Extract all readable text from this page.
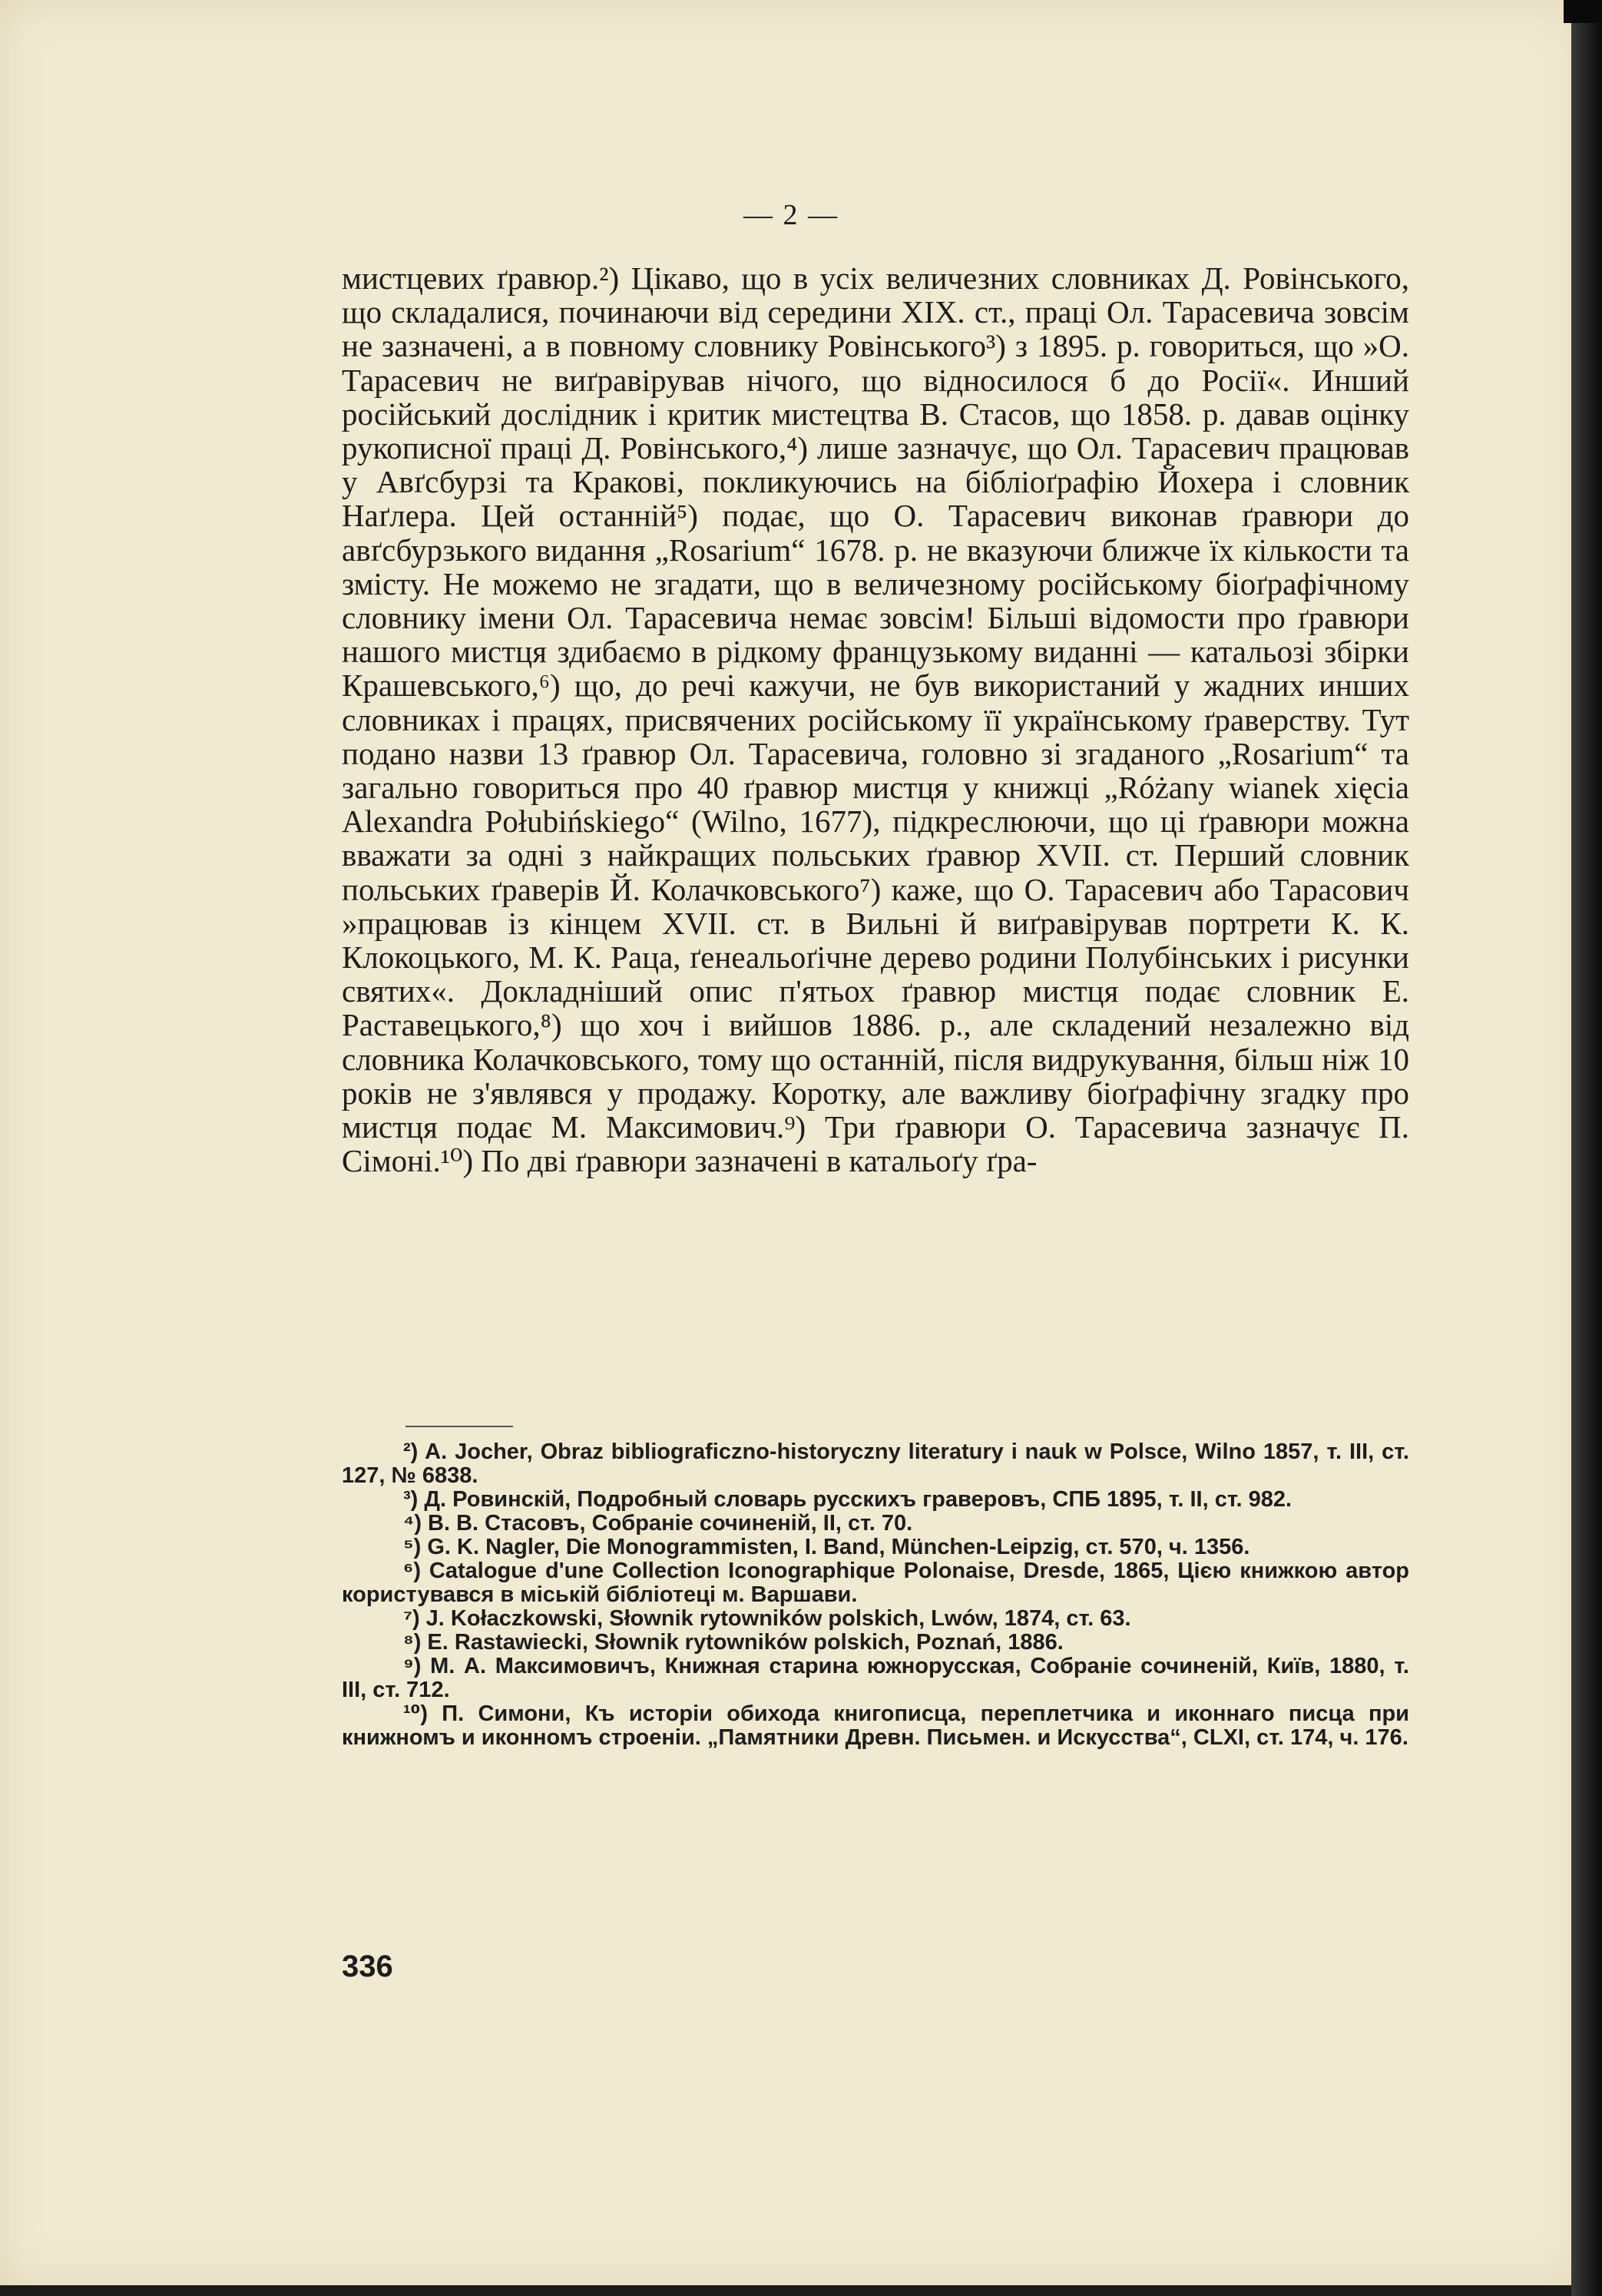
— 2 —

мистцевих ґравюр.²) Цікаво, що в усіх величезних словниках Д. Ровінського, що складалися, починаючи від середини XIX. ст., праці Ол. Тарасевича зовсім не зазначені, а в повному словнику Ровінського³) з 1895. р. говориться, що »О. Тарасевич не виґравірував нічого, що відносилося б до Росії«. Инший російський дослідник і критик мистецтва В. Стасов, що 1858. р. давав оцінку рукописної праці Д. Ровінського,⁴) лише зазначує, що Ол. Тарасевич працював у Авґсбурзі та Кракові, покликуючись на бібліоґрафію Йохера і словник Наґлера. Цей останній⁵) подає, що О. Тарасевич виконав ґравюри до авґсбурзького видання „Rosarium“ 1678. р. не вказуючи ближче їх кількости та змісту. Не можемо не згадати, що в величезному російському біоґрафічному словнику імени Ол. Тарасевича немає зовсім! Більші відомости про ґравюри нашого мистця здибаємо в рідкому французькому виданні — катальозі збірки Крашевського,⁶) що, до речі кажучи, не був використаний у жадних инших словниках і працях, присвячених російському її українському ґраверству. Тут подано назви 13 ґравюр Ол. Тарасевича, головно зі згаданого „Rosarium“ та загально говориться про 40 ґравюр мистця у книжці „Różany wianek xięcia Alexandra Połubińskiego“ (Wilno, 1677), підкреслюючи, що ці ґравюри можна вважати за одні з найкращих польських ґравюр XVII. ст. Перший словник польських ґраверів Й. Колачковського⁷) каже, що О. Тарасевич або Тарасович »працював із кінцем XVII. ст. в Вильні й виґравірував портрети К. К. Клокоцького, М. К. Раца, ґенеальоґічне дерево родини Полубінських і рисунки святих«. Докладніший опис п'ятьох ґравюр мистця подає словник Е. Раставецького,⁸) що хоч і вийшов 1886. р., але складений незалежно від словника Колачковського, тому що останній, після видрукування, більш ніж 10 років не з'являвся у продажу. Коротку, але важливу біоґрафічну згадку про мистця подає М. Максимович.⁹) Три ґравюри О. Тарасевича зазначує П. Сімоні.¹⁰) По дві ґравюри зазначені в катальоґу ґра-

²) A. Jocher, Obraz bibliograficzno-historyczny literatury i nauk w Polsce, Wilno 1857, т. III, ст. 127, № 6838.

³) Д. Ровинскій, Подробный словарь русскихъ граверовъ, СПБ 1895, т. II, ст. 982.

⁴) В. В. Стасовъ, Собраніе сочиненій, II, ст. 70.

⁵) G. K. Nagler, Die Monogrammisten, I. Band, München-Leipzig, ст. 570, ч. 1356.

⁶) Catalogue d'une Collection Iconographique Polonaise, Dresde, 1865, Цією книжкою автор користувався в міській бібліотеці м. Варшави.

⁷) J. Kołaczkowski, Słownik rytowników polskich, Lwów, 1874, ст. 63.

⁸) E. Rastawiecki, Słownik rytowników polskich, Poznań, 1886.

⁹) М. А. Максимовичъ, Книжная старина южнорусская, Собраніе сочиненій, Київ, 1880, т. III, ст. 712.

¹⁰) П. Симони, Къ исторіи обихода книгописца, переплетчика и иконнаго писца при книжномъ и иконномъ строеніи. „Памятники Древн. Письмен. и Искусства“, CLXI, ст. 174, ч. 176.

336
